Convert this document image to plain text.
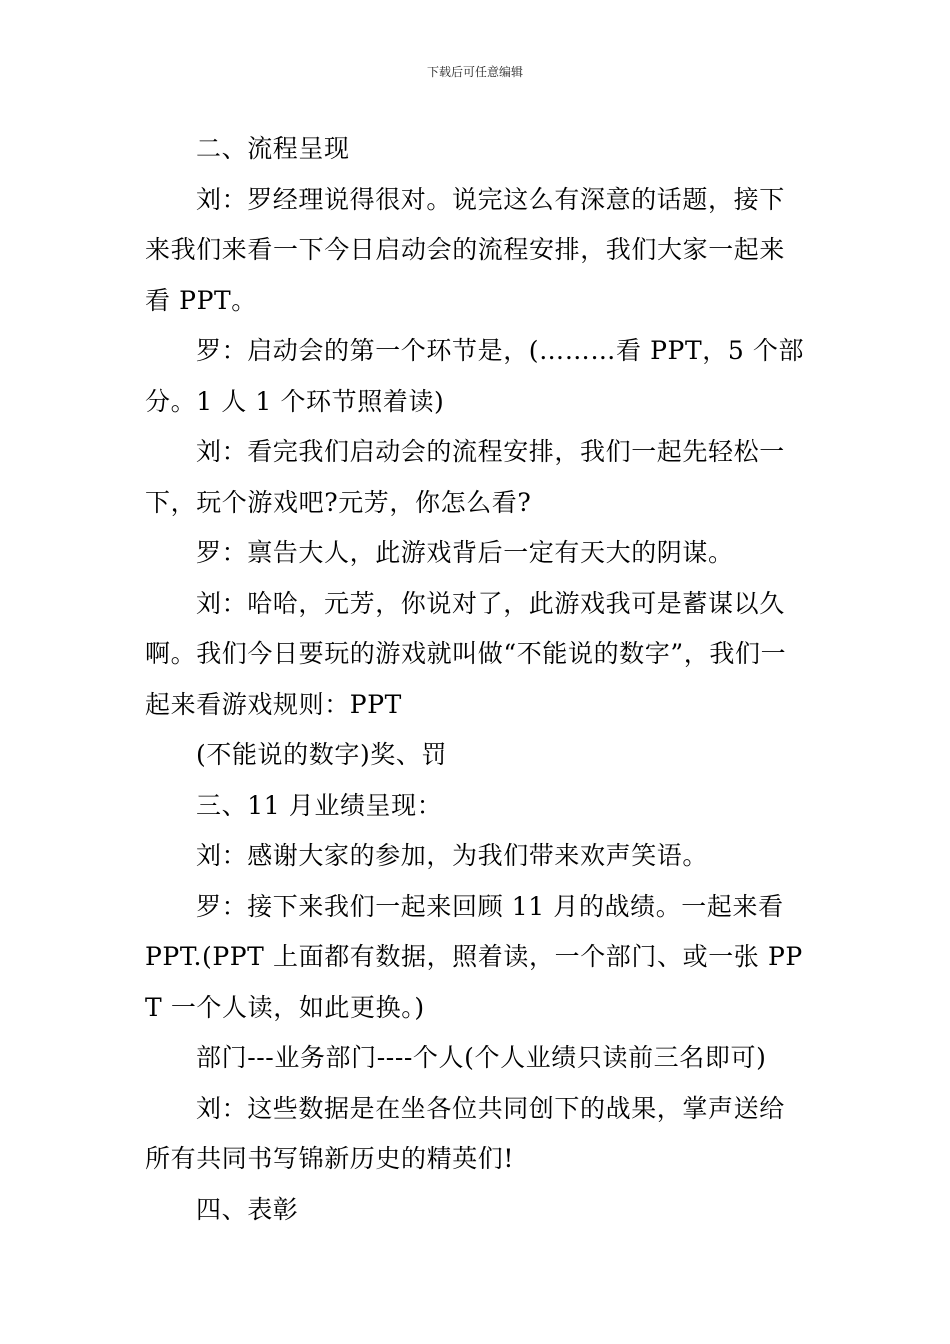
下载后可任意编辑

二、流程呈现

刘：罗经理说得很对。说完这么有深意的话题，接下来我们来看一下今日启动会的流程安排，我们大家一起来看 PPT。

罗：启动会的第一个环节是，(………看 PPT，5 个部分。1 人 1 个环节照着读)

刘：看完我们启动会的流程安排，我们一起先轻松一下，玩个游戏吧?元芳，你怎么看?

罗：禀告大人，此游戏背后一定有天大的阴谋。

刘：哈哈，元芳，你说对了，此游戏我可是蓄谋以久啊。我们今日要玩的游戏就叫做“不能说的数字”，我们一起来看游戏规则：PPT

(不能说的数字)奖、罚

三、11 月业绩呈现：

刘：感谢大家的参加，为我们带来欢声笑语。

罗：接下来我们一起来回顾 11 月的战绩。一起来看 PPT.(PPT 上面都有数据，照着读，一个部门、或一张 PPT 一个人读，如此更换。)

部门---业务部门----个人(个人业绩只读前三名即可)

刘：这些数据是在坐各位共同创下的战果，掌声送给所有共同书写锦新历史的精英们!

四、表彰
